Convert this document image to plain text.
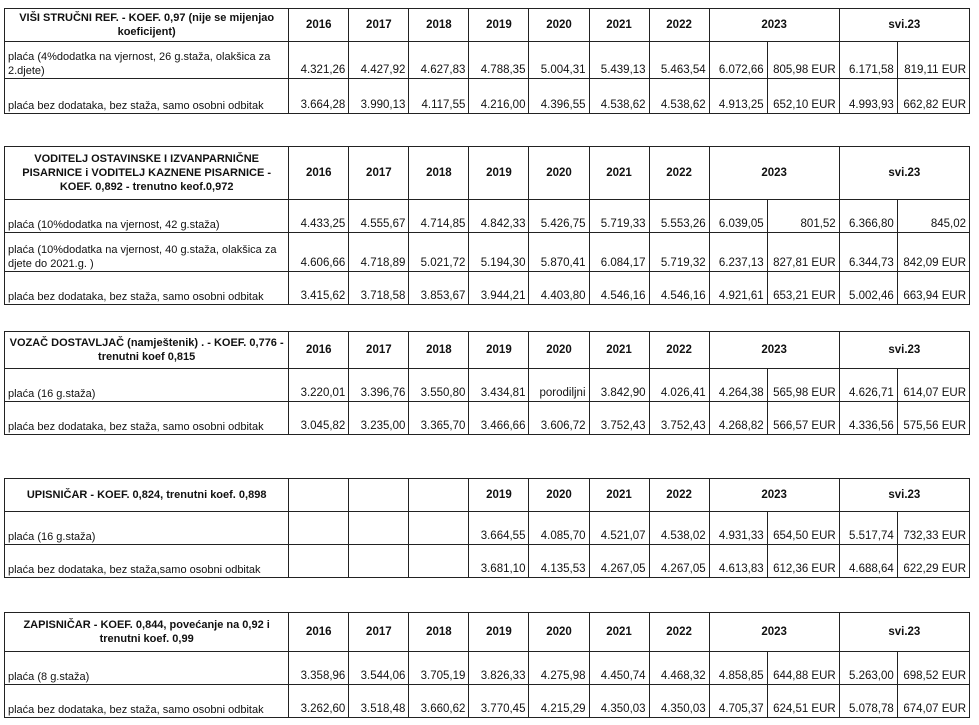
VIŠI STRUČNI REF. - KOEF. 0,97 (nije se mijenjao koeficijent)	2016	2017	2018	2019	2020	2021	2022	2023		svi.23	
plaća (4%dodatka na vjernost, 26 g.staža, olakšica za 2.djete)	4.321,26	4.427,92	4.627,83	4.788,35	5.004,31	5.439,13	5.463,54	6.072,66	805,98 EUR	6.171,58	819,11 EUR
plaća bez dodataka, bez staža, samo osobni odbitak	3.664,28	3.990,13	4.117,55	4.216,00	4.396,55	4.538,62	4.538,62	4.913,25	652,10 EUR	4.993,93	662,82 EUR
VODITELJ OSTAVINSKE I IZVANPARNIČNE PISARNICE i VODITELJ KAZNENE PISARNICE - KOEF. 0,892 - trenutno keof.0,972	2016	2017	2018	2019	2020	2021	2022	2023		svi.23	
plaća (10%dodatka na vjernost, 42 g.staža)	4.433,25	4.555,67	4.714,85	4.842,33	5.426,75	5.719,33	5.553,26	6.039,05	801,52	6.366,80	845,02
plaća (10%dodatka na vjernost, 40 g.staža, olakšica za djete do 2021.g. )	4.606,66	4.718,89	5.021,72	5.194,30	5.870,41	6.084,17	5.719,32	6.237,13	827,81 EUR	6.344,73	842,09 EUR
plaća bez dodataka, bez staža, samo osobni odbitak	3.415,62	3.718,58	3.853,67	3.944,21	4.403,80	4.546,16	4.546,16	4.921,61	653,21 EUR	5.002,46	663,94 EUR
VOZAČ DOSTAVLJAČ (namještenik) . - KOEF. 0,776 - trenutni koef 0,815	2016	2017	2018	2019	2020	2021	2022	2023		svi.23	
plaća (16 g.staža)	3.220,01	3.396,76	3.550,80	3.434,81	porodiljni	3.842,90	4.026,41	4.264,38	565,98 EUR	4.626,71	614,07 EUR
plaća bez dodataka, bez staža, samo osobni odbitak	3.045,82	3.235,00	3.365,70	3.466,66	3.606,72	3.752,43	3.752,43	4.268,82	566,57 EUR	4.336,56	575,56 EUR
UPISNIČAR - KOEF. 0,824, trenutni koef. 0,898				2019	2020	2021	2022	2023		svi.23	
plaća (16 g.staža)				3.664,55	4.085,70	4.521,07	4.538,02	4.931,33	654,50 EUR	5.517,74	732,33 EUR
plaća bez dodataka, bez staža,samo osobni odbitak				3.681,10	4.135,53	4.267,05	4.267,05	4.613,83	612,36 EUR	4.688,64	622,29 EUR
ZAPISNIČAR - KOEF. 0,844, povećanje na 0,92 i trenutni koef. 0,99	2016	2017	2018	2019	2020	2021	2022	2023		svi.23	
plaća (8 g.staža)	3.358,96	3.544,06	3.705,19	3.826,33	4.275,98	4.450,74	4.468,32	4.858,85	644,88 EUR	5.263,00	698,52 EUR
plaća bez dodataka, bez staža, samo osobni odbitak	3.262,60	3.518,48	3.660,62	3.770,45	4.215,29	4.350,03	4.350,03	4.705,37	624,51 EUR	5.078,78	674,07 EUR
